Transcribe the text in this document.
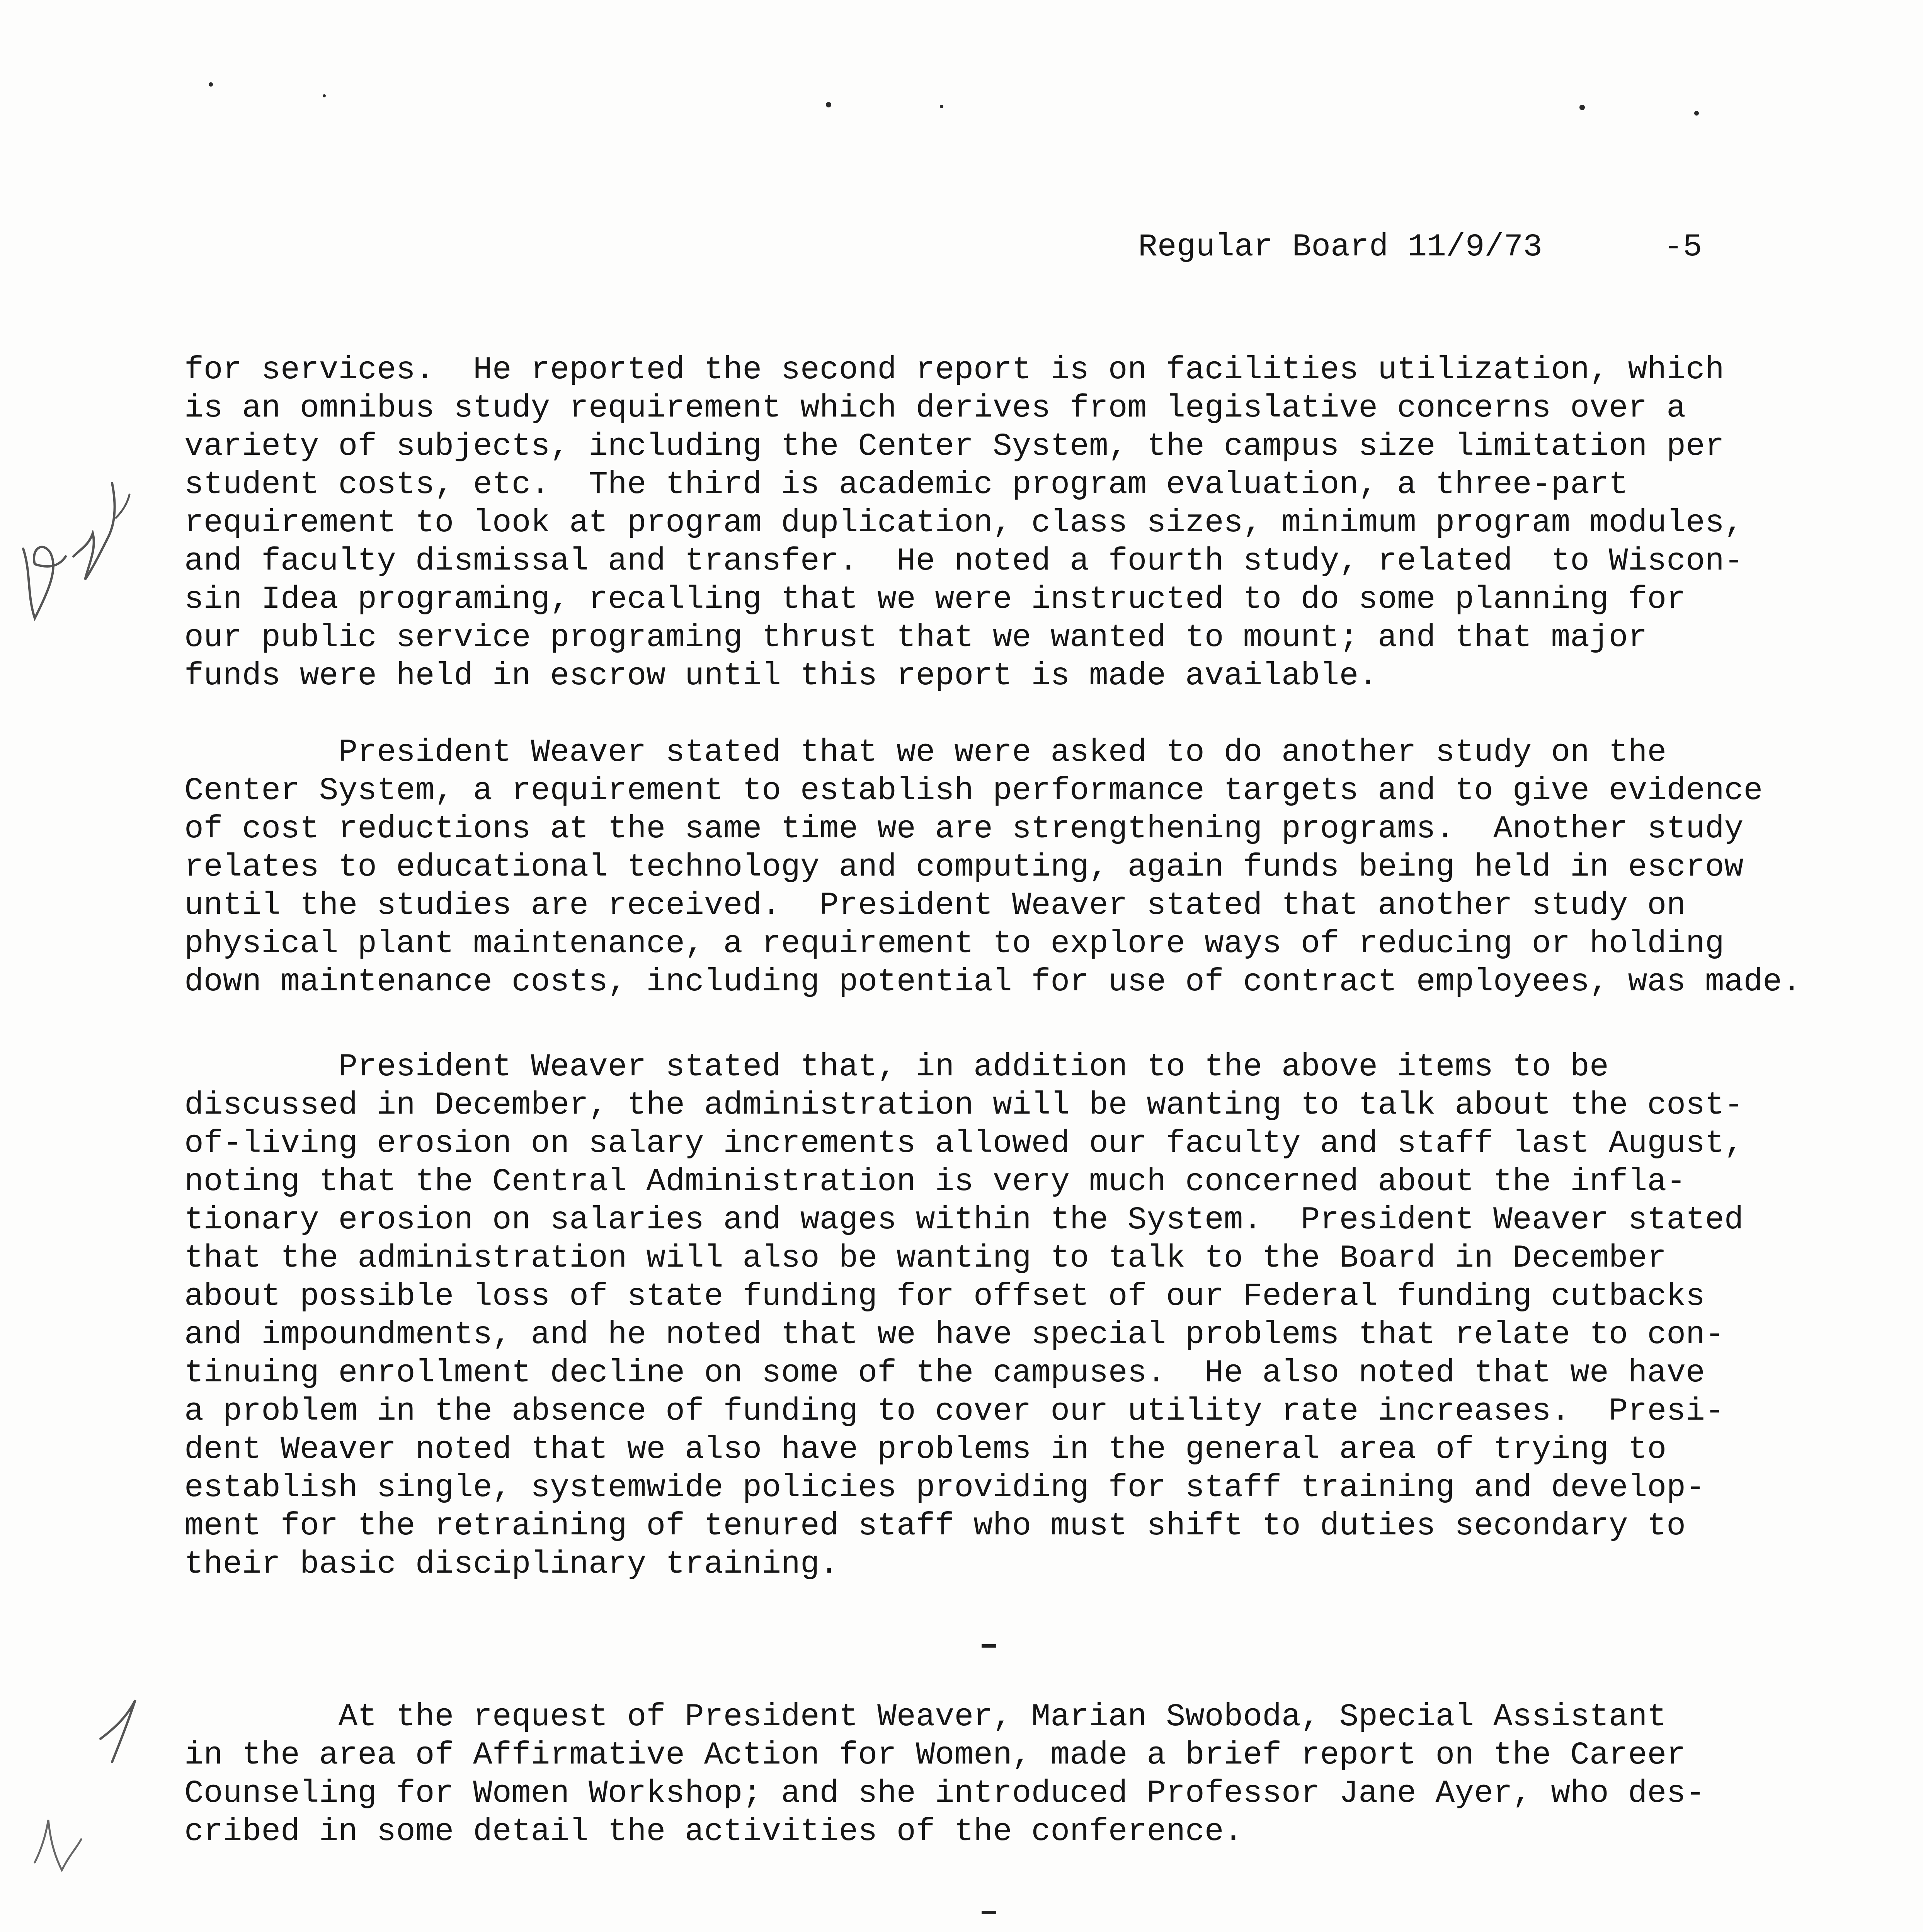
Regular Board 11/9/73	-5
for services.  He reported the second report is on facilities utilization, which
is an omnibus study requirement which derives from legislative concerns over a
variety of subjects, including the Center System, the campus size limitation per
student costs, etc.  The third is academic program evaluation, a three-part
requirement to look at program duplication, class sizes, minimum program modules,
and faculty dismissal and transfer.  He noted a fourth study, related  to Wiscon-
sin Idea programing, recalling that we were instructed to do some planning for
our public service programing thrust that we wanted to mount; and that major
funds were held in escrow until this report is made available.
President Weaver stated that we were asked to do another study on the
Center System, a requirement to establish performance targets and to give evidence
of cost reductions at the same time we are strengthening programs.  Another study
relates to educational technology and computing, again funds being held in escrow
until the studies are received.  President Weaver stated that another study on
physical plant maintenance, a requirement to explore ways of reducing or holding
down maintenance costs, including potential for use of contract employees, was made.
President Weaver stated that, in addition to the above items to be
discussed in December, the administration will be wanting to talk about the cost-
of-living erosion on salary increments allowed our faculty and staff last August,
noting that the Central Administration is very much concerned about the infla-
tionary erosion on salaries and wages within the System.  President Weaver stated
that the administration will also be wanting to talk to the Board in December
about possible loss of state funding for offset of our Federal funding cutbacks
and impoundments, and he noted that we have special problems that relate to con-
tinuing enrollment decline on some of the campuses.  He also noted that we have
a problem in the absence of funding to cover our utility rate increases.  Presi-
dent Weaver noted that we also have problems in the general area of trying to
establish single, systemwide policies providing for staff training and develop-
ment for the retraining of tenured staff who must shift to duties secondary to
their basic disciplinary training.
At the request of President Weaver, Marian Swoboda, Special Assistant
in the area of Affirmative Action for Women, made a brief report on the Career
Counseling for Women Workshop; and she introduced Professor Jane Ayer, who des-
cribed in some detail the activities of the conference.
